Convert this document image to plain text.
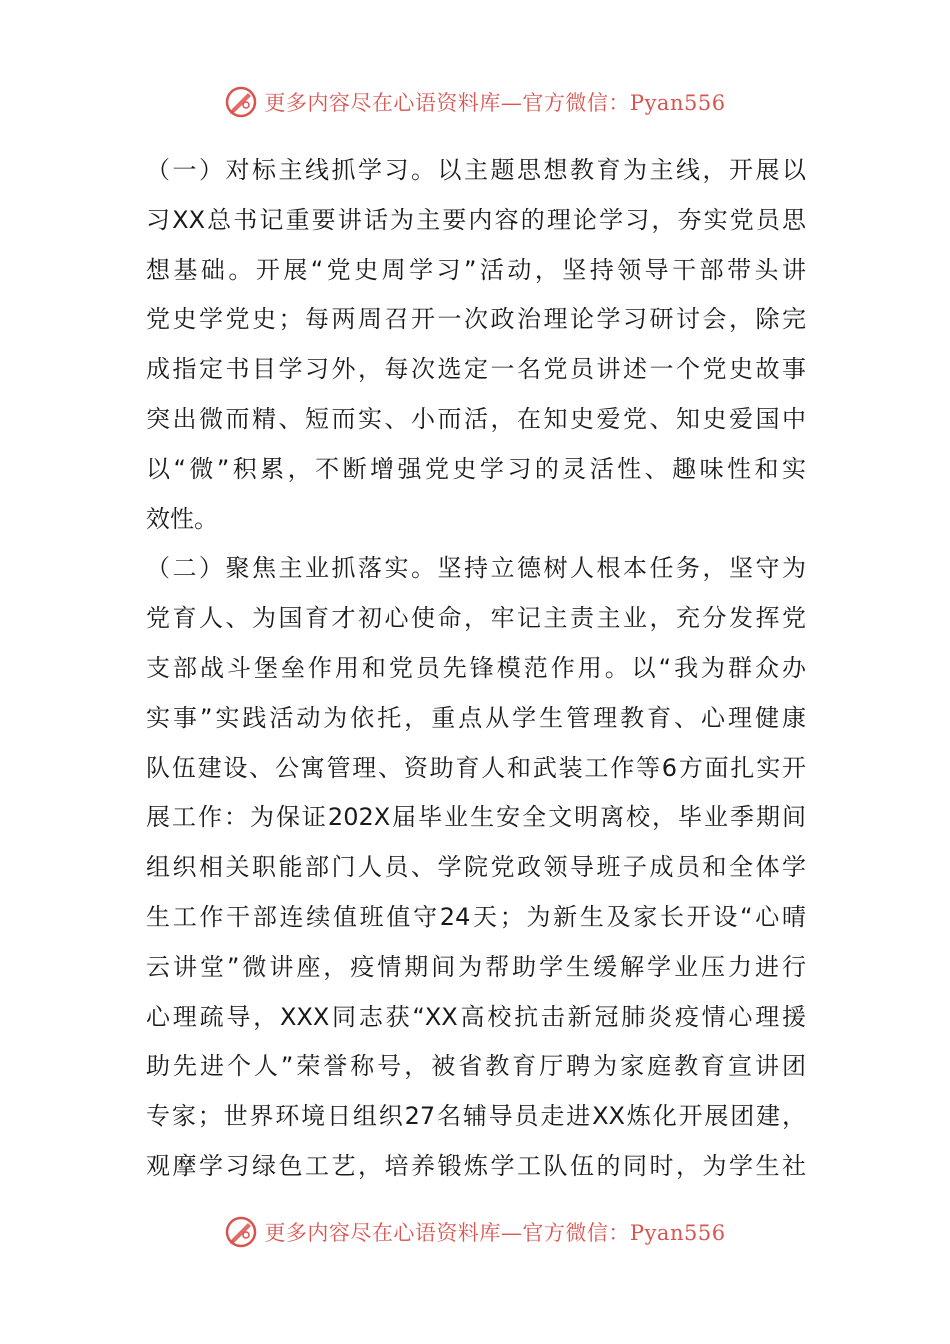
更多内容尽在心语资料库—官方微信：Pyan556
（一）对标主线抓学习。以主题思想教育为主线，开展以
习XX总书记重要讲话为主要内容的理论学习，夯实党员思
想基础。开展“党史周学习”活动，坚持领导干部带头讲
党史学党史；每两周召开一次政治理论学习研讨会，除完
成指定书目学习外，每次选定一名党员讲述一个党史故事
突出微而精、短而实、小而活，在知史爱党、知史爱国中
以“微”积累，不断增强党史学习的灵活性、趣味性和实
效性。
（二）聚焦主业抓落实。坚持立德树人根本任务，坚守为
党育人、为国育才初心使命，牢记主责主业，充分发挥党
支部战斗堡垒作用和党员先锋模范作用。以“我为群众办
实事”实践活动为依托，重点从学生管理教育、心理健康
队伍建设、公寓管理、资助育人和武装工作等6方面扎实开
展工作：为保证202X届毕业生安全文明离校，毕业季期间
组织相关职能部门人员、学院党政领导班子成员和全体学
生工作干部连续值班值守24天；为新生及家长开设“心晴
云讲堂”微讲座，疫情期间为帮助学生缓解学业压力进行
心理疏导，XXX同志获“XX高校抗击新冠肺炎疫情心理援
助先进个人”荣誉称号，被省教育厅聘为家庭教育宣讲团
专家；世界环境日组织27名辅导员走进XX炼化开展团建，
观摩学习绿色工艺，培养锻炼学工队伍的同时，为学生社
更多内容尽在心语资料库—官方微信：Pyan556
